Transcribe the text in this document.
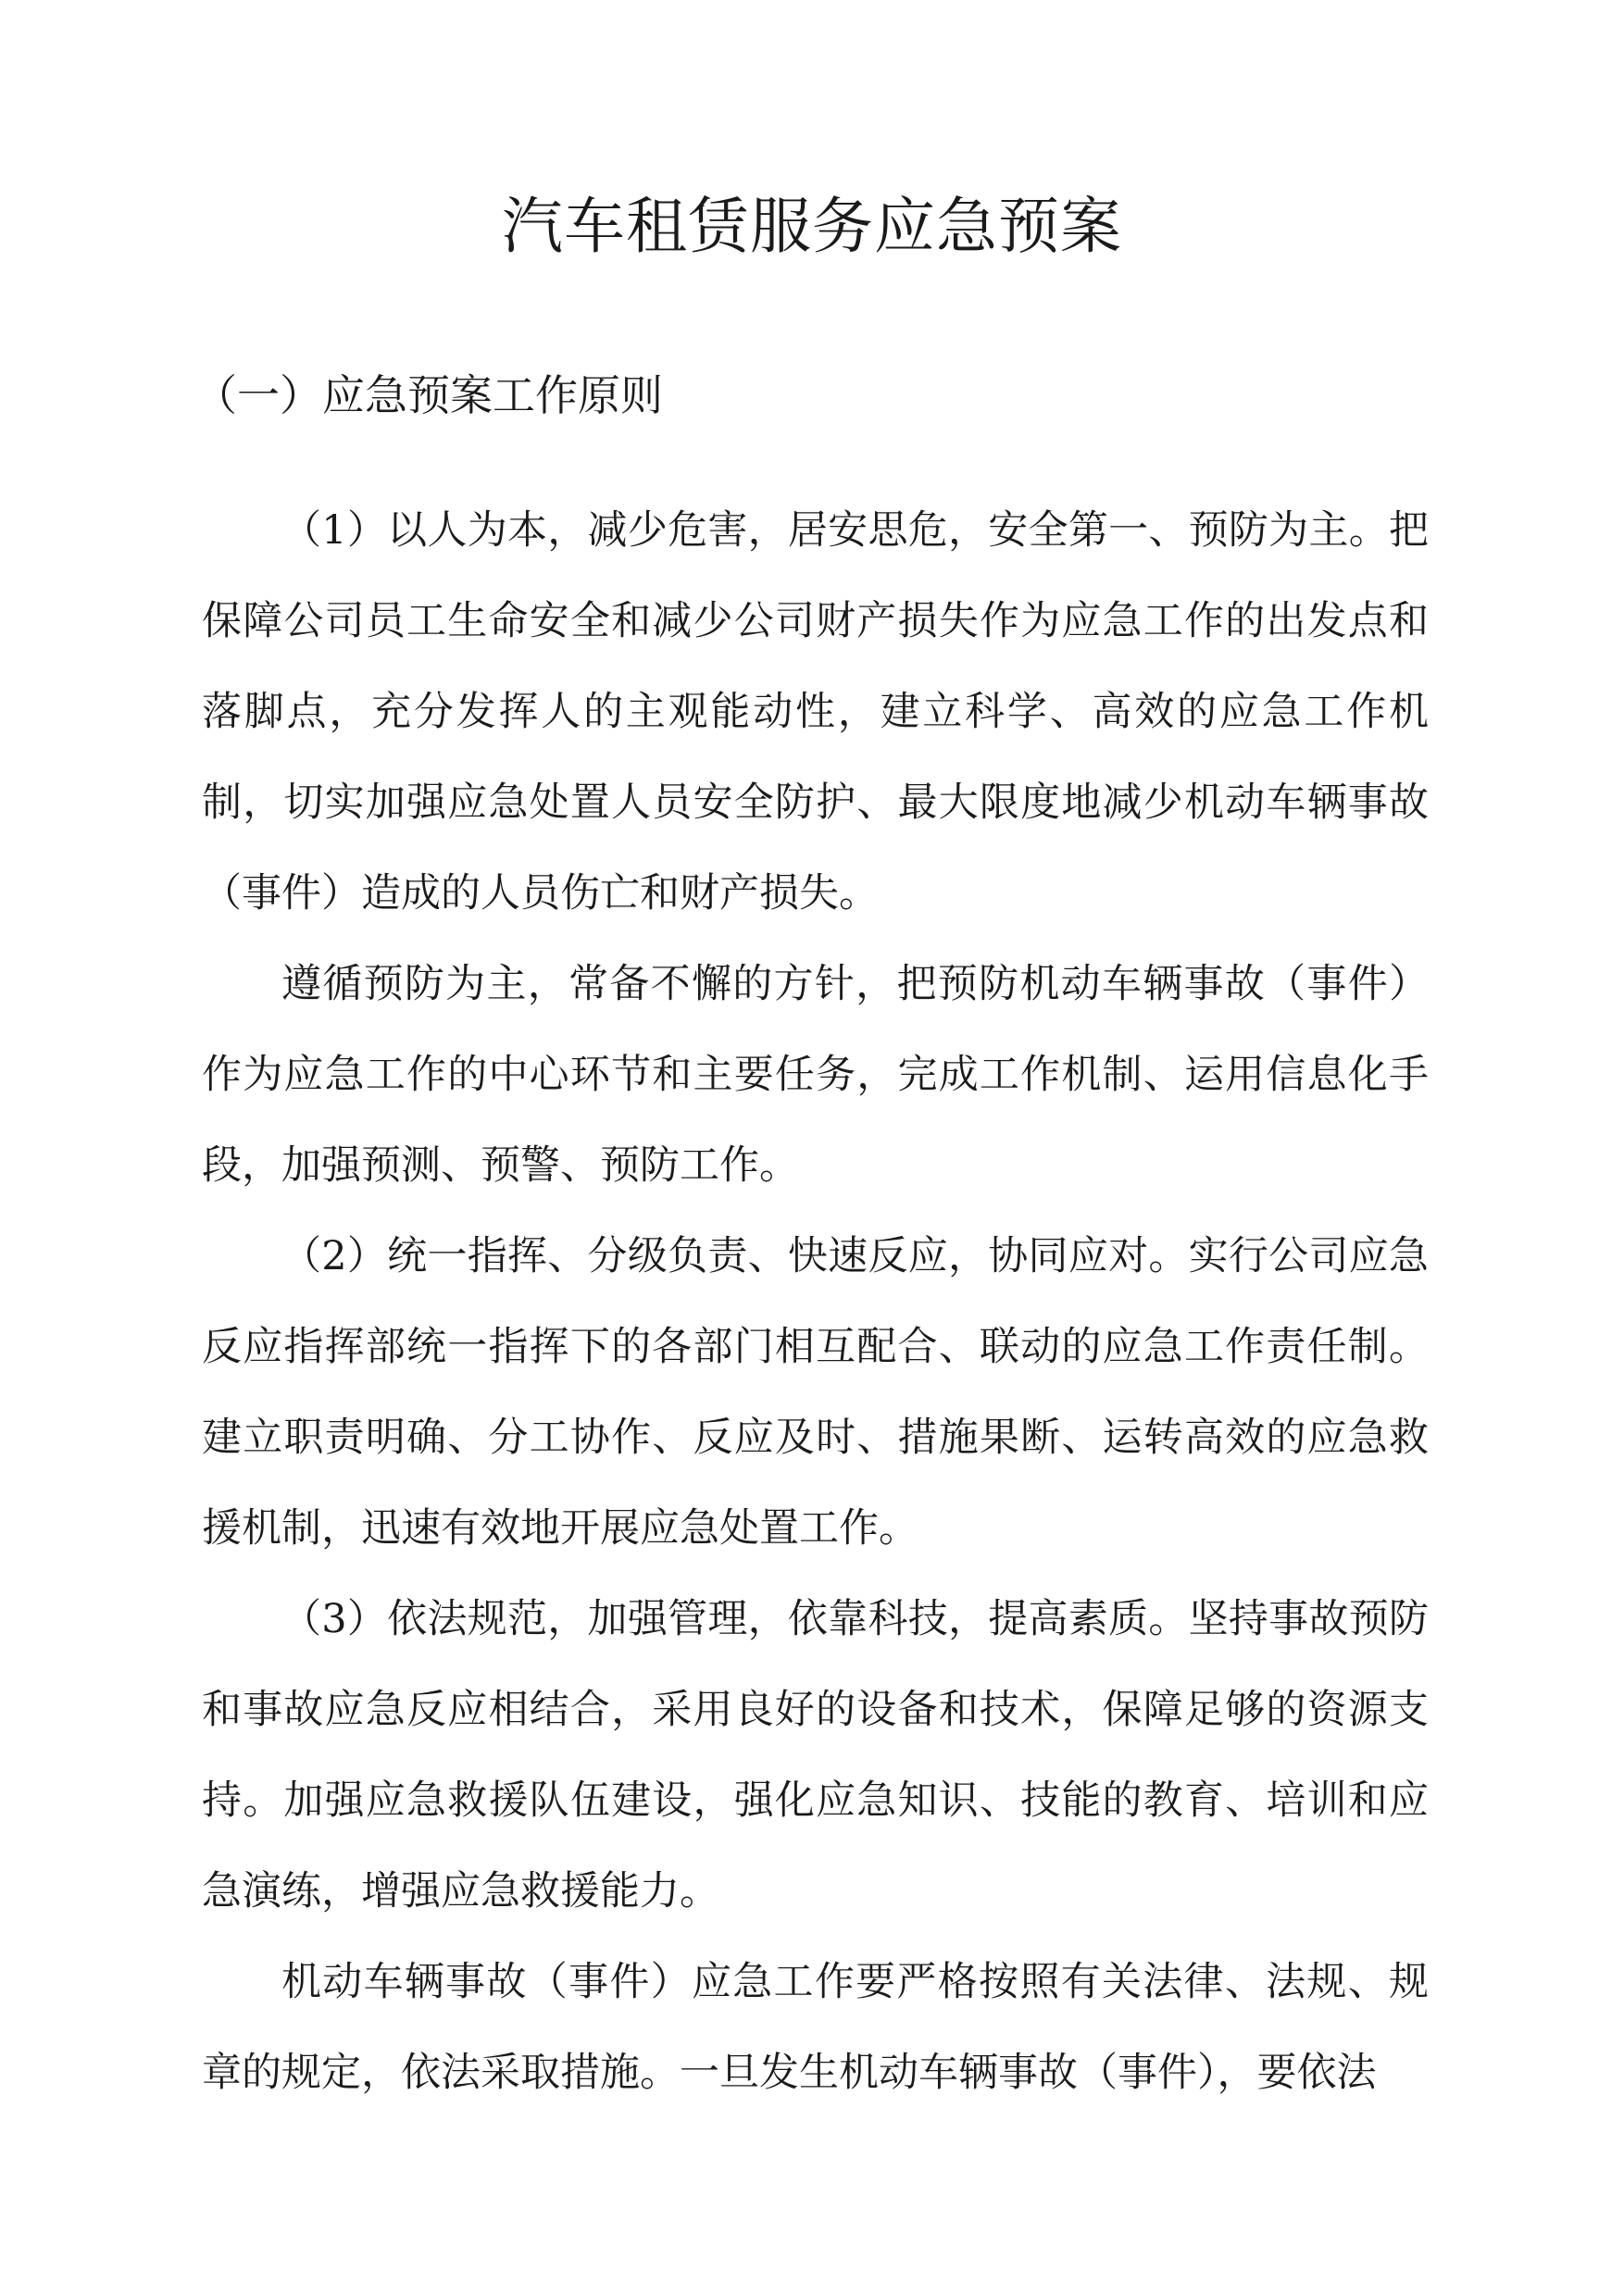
汽车租赁服务应急预案
（一）应急预案工作原则

（1）以人为本，减少危害，居安思危，安全第一、预防为主。把保障公司员工生命安全和减少公司财产损失作为应急工作的出发点和落脚点，充分发挥人的主观能动性，建立科学、高效的应急工作机制，切实加强应急处置人员安全防护、最大限度地减少机动车辆事故（事件）造成的人员伤亡和财产损失。

遵循预防为主，常备不懈的方针，把预防机动车辆事故（事件）作为应急工作的中心环节和主要任务，完成工作机制、运用信息化手段，加强预测、预警、预防工作。

（2）统一指挥、分级负责、快速反应，协同应对。实行公司应急反应指挥部统一指挥下的各部门相互配合、联动的应急工作责任制。建立职责明确、分工协作、反应及时、措施果断、运转高效的应急救援机制，迅速有效地开展应急处置工作。

（3）依法规范，加强管理，依靠科技，提高素质。坚持事故预防和事故应急反应相结合，采用良好的设备和技术，保障足够的资源支持。加强应急救援队伍建设，强化应急知识、技能的教育、培训和应急演练，增强应急救援能力。

机动车辆事故（事件）应急工作要严格按照有关法律、法规、规章的规定，依法采取措施。一旦发生机动车辆事故（事件），要依法
